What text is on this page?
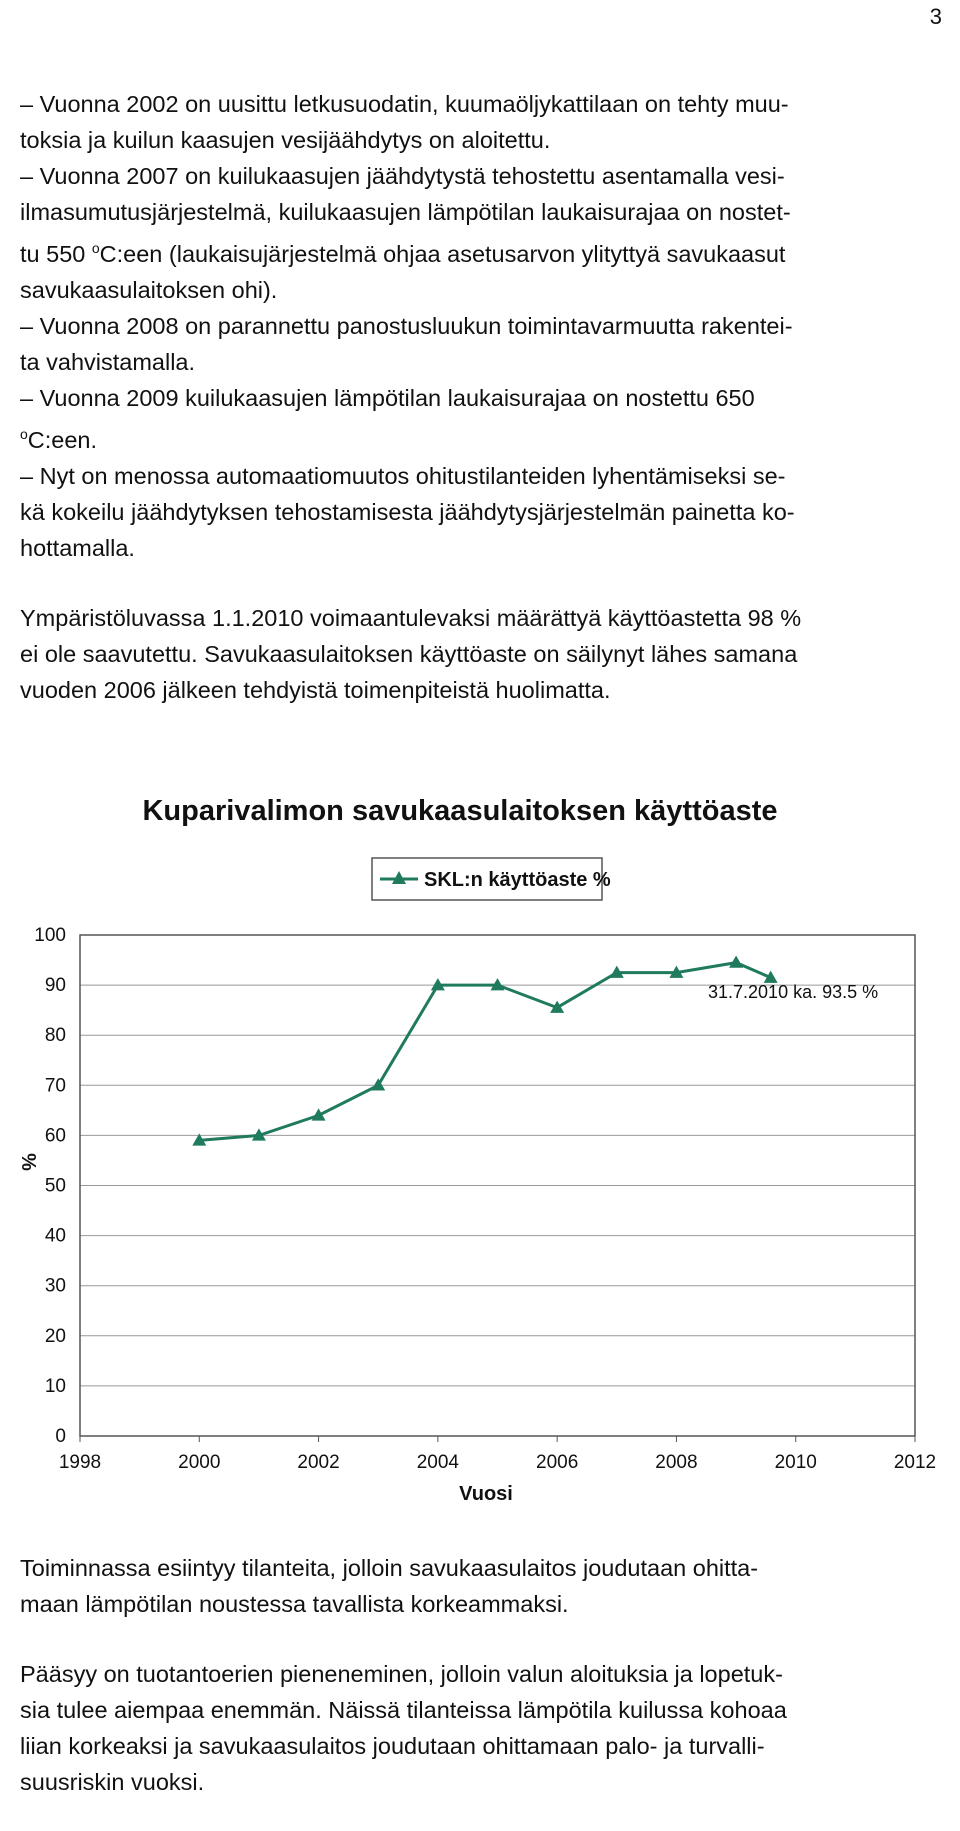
3

– Vuonna 2002 on uusittu letkusuodatin, kuumaöljykattilaan on tehty muu-
toksia ja kuilun kaasujen vesijäähdytys on aloitettu.

– Vuonna 2007 on kuilukaasujen jäähdytystä tehostettu asentamalla vesi-
ilmasumutusjärjestelmä, kuilukaasujen lämpötilan laukaisurajaa on nostet-
tu 550 $^o$C:een (laukaisujärjestelmä ohjaa asetusarvon ylityttyä savukaasut
savukaasulaitoksen ohi).

– Vuonna 2008 on parannettu panostusluukun toimintavarmuutta rakentei-
ta vahvistamalla.

– Vuonna 2009 kuilukaasujen lämpötilan laukaisurajaa on nostettu 650
$^o$C:een.

– Nyt on menossa automaatiomuutos ohitustilanteiden lyhentämiseksi se-
kä kokeilu jäähdytyksen tehostamisesta jäähdytysjärjestelmän painetta ko-
hottamalla.

Ympäristöluvassa 1.1.2010 voimaantulevaksi määrättyä käyttöastetta 98 %
ei ole saavutettu. Savukaasulaitoksen käyttöaste on säilynyt lähes samana
vuoden 2006 jälkeen tehdyistä toimenpiteistä huolimatta.

Kuparivalimon savukaasulaitoksen käyttöaste
SKL:n käyttöaste %
0
10
20
30
40
50
60
70
80
90
100
1998	2000	2002	2004	2006	2008	2010	2012
31.7.2010 ka. 93.5 %
%
Vuosi

Toiminnassa esiintyy tilanteita, jolloin savukaasulaitos joudutaan ohitta-
maan lämpötilan noustessa tavallista korkeammaksi.

Pääsyy on tuotantoerien pieneneminen, jolloin valun aloituksia ja lopetuk-
sia tulee aiempaa enemmän. Näissä tilanteissa lämpötila kuilussa kohoaa
liian korkeaksi ja savukaasulaitos joudutaan ohittamaan palo- ja turvalli-
suusriskin vuoksi.
